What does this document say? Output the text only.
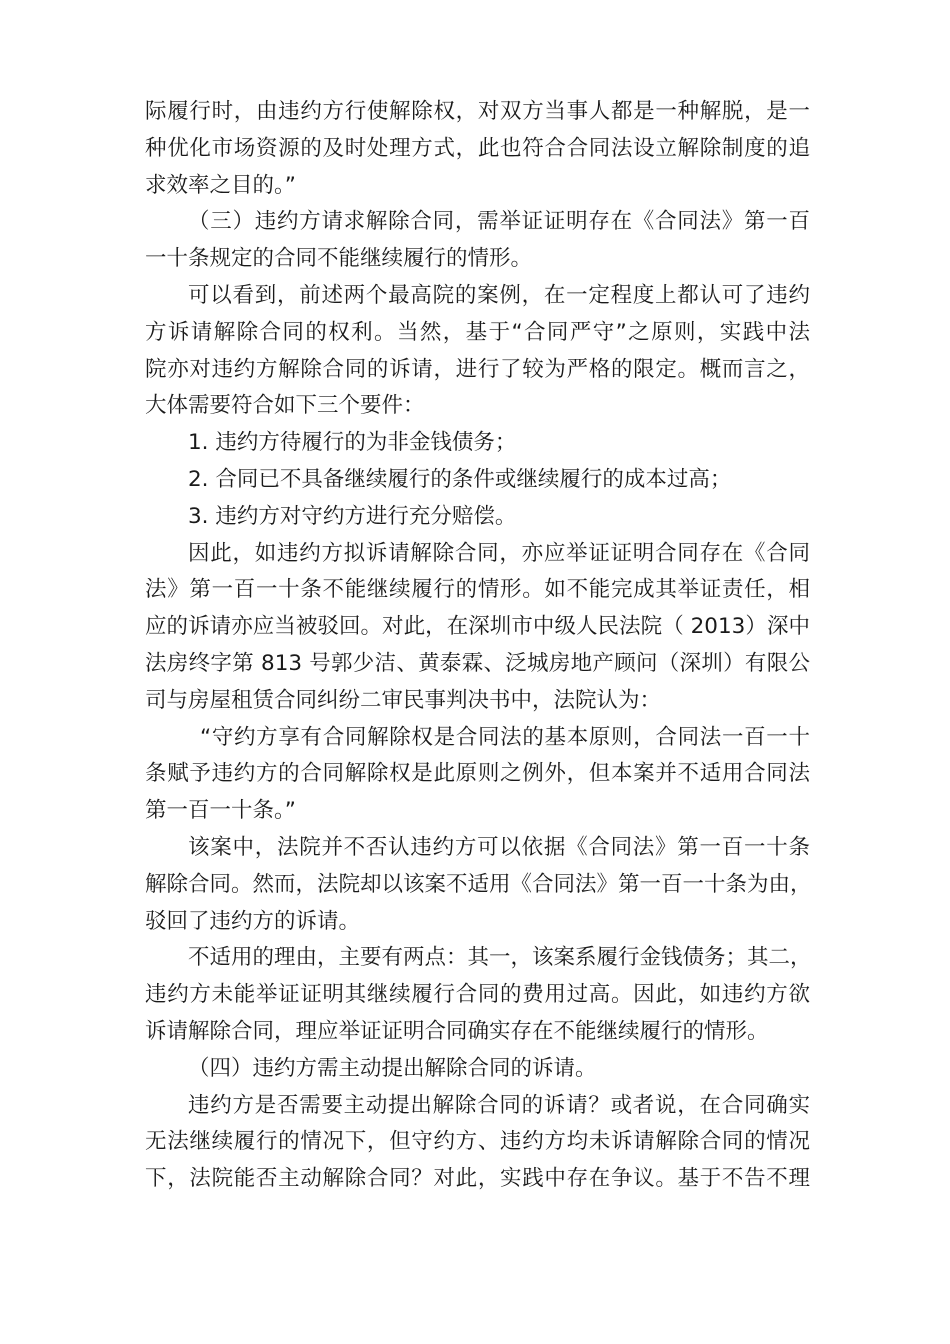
际履行时，由违约方行使解除权，对双方当事人都是一种解脱，是一
种优化市场资源的及时处理方式，此也符合合同法设立解除制度的追
求效率之目的。”
（三）违约方请求解除合同，需举证证明存在《合同法》第一百
一十条规定的合同不能继续履行的情形。
可以看到，前述两个最高院的案例，在一定程度上都认可了违约
方诉请解除合同的权利。当然，基于“合同严守”之原则，实践中法
院亦对违约方解除合同的诉请，进行了较为严格的限定。概而言之，
大体需要符合如下三个要件：
1. 违约方待履行的为非金钱债务；
2. 合同已不具备继续履行的条件或继续履行的成本过高；
3. 违约方对守约方进行充分赔偿。
因此，如违约方拟诉请解除合同，亦应举证证明合同存在《合同
法》第一百一十条不能继续履行的情形。如不能完成其举证责任，相
应的诉请亦应当被驳回。对此，在深圳市中级人民法院（ 2013）深中
法房终字第 813 号郭少洁、黄泰霖、泛城房地产顾问（深圳）有限公
司与房屋租赁合同纠纷二审民事判决书中，法院认为：
“守约方享有合同解除权是合同法的基本原则，合同法一百一十
条赋予违约方的合同解除权是此原则之例外，但本案并不适用合同法
第一百一十条。”
该案中，法院并不否认违约方可以依据《合同法》第一百一十条
解除合同。然而，法院却以该案不适用《合同法》第一百一十条为由，
驳回了违约方的诉请。
不适用的理由，主要有两点：其一，该案系履行金钱债务；其二，
违约方未能举证证明其继续履行合同的费用过高。因此，如违约方欲
诉请解除合同，理应举证证明合同确实存在不能继续履行的情形。
（四）违约方需主动提出解除合同的诉请。
违约方是否需要主动提出解除合同的诉请？或者说，在合同确实
无法继续履行的情况下，但守约方、违约方均未诉请解除合同的情况
下，法院能否主动解除合同？对此，实践中存在争议。基于不告不理
